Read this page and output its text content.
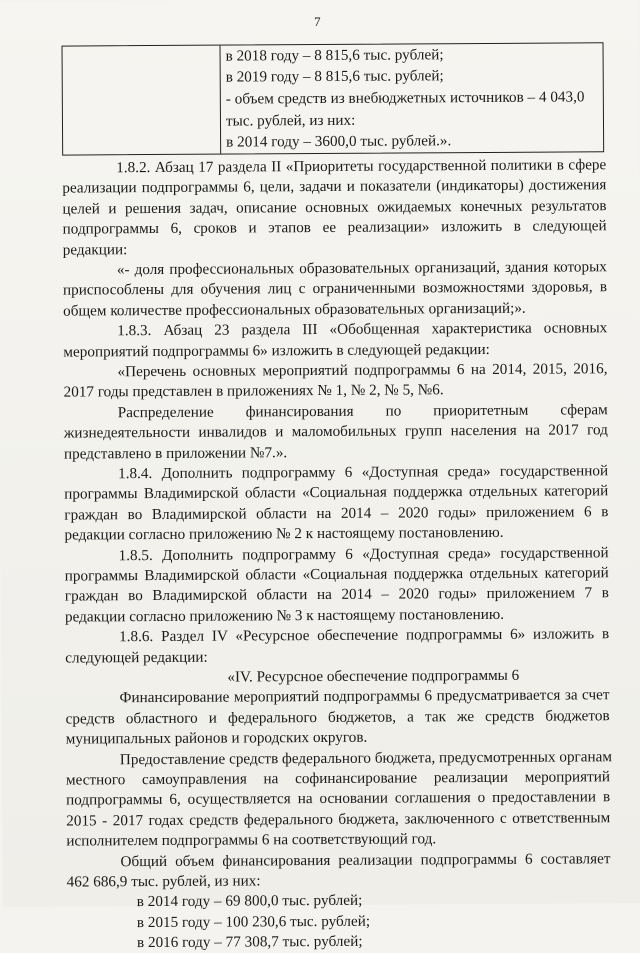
7
в 2018 году – 8 815,6 тыс. рублей;
в 2019 году – 8 815,6 тыс. рублей;
- объем средств из внебюджетных источников – 4 043,0
тыс. рублей, из них:
в 2014 году – 3600,0 тыс. рублей.».
1.8.2. Абзац 17 раздела II «Приоритеты государственной политики в сфере
реализации подпрограммы 6, цели, задачи и показатели (индикаторы) достижения
целей и решения задач, описание основных ожидаемых конечных результатов
подпрограммы 6, сроков и этапов ее реализации» изложить в следующей
редакции:
«- доля профессиональных образовательных организаций, здания которых
приспособлены для обучения лиц с ограниченными возможностями здоровья, в
общем количестве профессиональных образовательных организаций;».
1.8.3. Абзац 23 раздела III «Обобщенная характеристика основных
мероприятий подпрограммы 6» изложить в следующей редакции:
«Перечень основных мероприятий подпрограммы 6 на 2014, 2015, 2016,
2017 годы представлен в приложениях № 1, № 2, № 5, №6.
Распределение финансирования по приоритетным сферам
жизнедеятельности инвалидов и маломобильных групп населения на 2017 год
представлено в приложении №7.».
1.8.4. Дополнить подпрограмму 6 «Доступная среда» государственной
программы Владимирской области «Социальная поддержка отдельных категорий
граждан во Владимирской области на 2014 – 2020 годы» приложением 6 в
редакции согласно приложению № 2 к настоящему постановлению.
1.8.5. Дополнить подпрограмму 6 «Доступная среда» государственной
программы Владимирской области «Социальная поддержка отдельных категорий
граждан во Владимирской области на 2014 – 2020 годы» приложением 7 в
редакции согласно приложению № 3 к настоящему постановлению.
1.8.6. Раздел IV «Ресурсное обеспечение подпрограммы 6» изложить в
следующей редакции:
«IV. Ресурсное обеспечение подпрограммы 6
Финансирование мероприятий подпрограммы 6 предусматривается за счет
средств областного и федерального бюджетов, а так же средств бюджетов
муниципальных районов и городских округов.
Предоставление средств федерального бюджета, предусмотренных органам
местного самоуправления на софинансирование реализации мероприятий
подпрограммы 6, осуществляется на основании соглашения о предоставлении в
2015 - 2017 годах средств федерального бюджета, заключенного с ответственным
исполнителем подпрограммы 6 на соответствующий год.
Общий объем финансирования реализации подпрограммы 6 составляет
462 686,9 тыс. рублей, из них:
в 2014 году – 69 800,0 тыс. рублей;
в 2015 году – 100 230,6 тыс. рублей;
в 2016 году – 77 308,7 тыс. рублей;
